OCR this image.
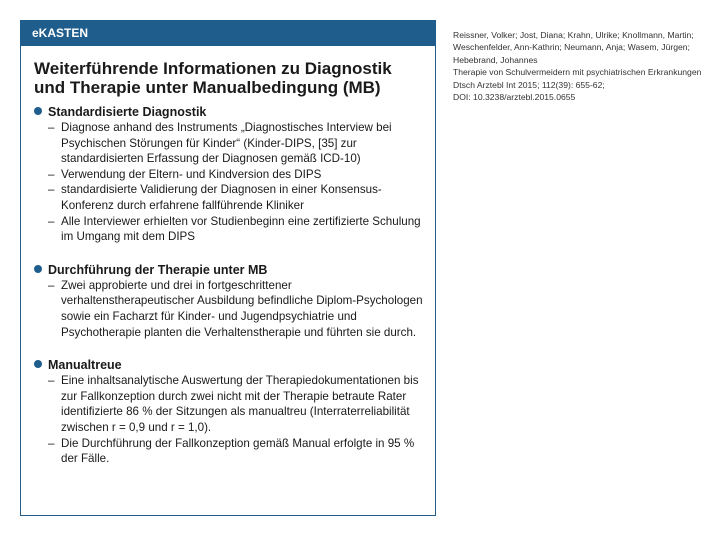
eKASTEN
Weiterführende Informationen zu Diagnostik
und Therapie unter Manualbedingung (MB)
Standardisierte Diagnostik
– Diagnose anhand des Instruments „Diagnostisches Interview bei Psychischen Störungen für Kinder“ (Kinder-DIPS, [35] zur standardisierten Erfassung der Diagnosen gemäß ICD-10)
– Verwendung der Eltern- und Kindversion des DIPS
– standardisierte Validierung der Diagnosen in einer Konsensus-Konferenz durch erfahrene fallführende Kliniker
– Alle Interviewer erhielten vor Studienbeginn eine zertifizierte Schulung im Umgang mit dem DIPS
Durchführung der Therapie unter MB
– Zwei approbierte und drei in fortgeschrittener verhaltenstherapeutischer Ausbildung befindliche Diplom-Psychologen sowie ein Facharzt für Kinder- und Jugendpsychiatrie und Psychotherapie planten die Verhaltenstherapie und führten sie durch.
Manualtreue
– Eine inhaltsanalytische Auswertung der Therapiedokumentationen bis zur Fallkonzeption durch zwei nicht mit der Therapie betraute Rater identifizierte 86 % der Sitzungen als manualtreu (Interraterreliabilität zwischen r = 0,9 und r = 1,0).
– Die Durchführung der Fallkonzeption gemäß Manual erfolgte in 95 % der Fälle.

Reissner, Volker; Jost, Diana; Krahn, Ulrike; Knollmann, Martin; Weschenfelder, Ann-Kathrin; Neumann, Anja; Wasem, Jürgen; Hebebrand, Johannes

Therapie von Schulvermeidern mit psychiatrischen Erkrankungen

Dtsch Arztebl Int 2015; 112(39): 655-62;

DOI: 10.3238/arztebl.2015.0655
